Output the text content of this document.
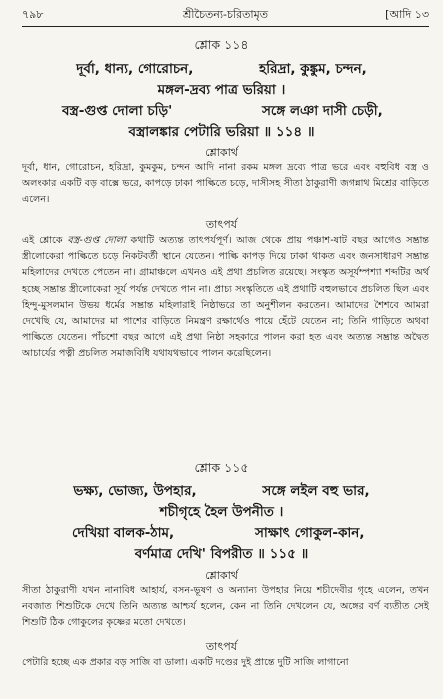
৭৯৮	শ্রীচৈতন্য-চরিতামৃত	[আদি ১৩
শ্লোক ১১৪
দূর্বা, ধান্য, গোরোচন,              হরিদ্রা, কুঙ্কুম, চন্দন,
মঙ্গল-দ্রব্য পাত্র ভরিয়া ।
বস্ত্র-গুপ্ত দোলা চড়ি'	সঙ্গে লঞা দাসী চেড়ী,
বস্ত্রালঙ্কার পেটারি ভরিয়া ॥ ১১৪ ॥
শ্লোকার্থ
দূর্বা, ধান, গোরোচন, হরিদ্রা, কুমকুম, চন্দন আদি নানা রকম মঙ্গল দ্রব্যে পাত্র ভরে এবং বহুবিধ বস্ত্র ও অলংকার একটি বড় বাক্সে ভরে, কাপড়ে ঢাকা পাল্কিতে চড়ে, দাসীসহ সীতা ঠাকুরাণী জগন্নাথ মিশ্রের বাড়িতে এলেন।
তাৎপর্য
এই শ্লোকে বস্ত্র-গুপ্ত দোলা কথাটি অত্যন্ত তাৎপর্যপূর্ণ। আজ থেকে প্রায় পঞ্চাশ-ষাট বছর আগেও সম্ভ্রান্ত স্ত্রীলোকেরা পাল্কিতে চড়ে নিকটবর্তী স্থানে যেতেন। পাল্কি কাপড় দিয়ে ঢাকা থাকত এবং জনসাধারণ সম্ভ্রান্ত মহিলাদের দেখতে পেতেন না। গ্রামাঞ্চলে এখনও এই প্রথা প্রচলিত রয়েছে। সংস্কৃত অসূর্যম্পশ্যা শব্দটির অর্থ হচ্ছে সম্ভ্রান্ত স্ত্রীলোকেরা সূর্য পর্যন্ত দেখতে পান না। প্রাচ্য সংস্কৃতিতে এই প্রথাটি বহুলভাবে প্রচলিত ছিল এবং হিন্দু-মুসলমান উভয় ধর্মের সম্ভ্রান্ত মহিলারাই নিষ্ঠাভরে তা অনুশীলন করতেন। আমাদের শৈশবে আমরা দেখেছি যে, আমাদের মা পাশের বাড়িতে নিমন্ত্রণ রক্ষার্থেও পায়ে হেঁটে যেতেন না; তিনি গাড়িতে অথবা পাল্কিতে যেতেন। পাঁচশো বছর আগে এই প্রথা নিষ্ঠা সহকারে পালন করা হত এবং অত্যন্ত সম্ভ্রান্ত অদ্বৈত আচার্যের পত্নী প্রচলিত সমাজবিধি যথাযথভাবে পালন করেছিলেন।
শ্লোক ১১৫
ভক্ষ্য, ভোজ্য, উপহার,              সঙ্গে লইল বহু ভার,
শচীগৃহে হৈল উপনীত ।
দেখিয়া বালক-ঠাম,	সাক্ষাৎ গোকুল-কান,
বর্ণমাত্র দেখি' বিপরীত ॥ ১১৫ ॥
শ্লোকার্থ
সীতা ঠাকুরাণী যখন নানাবিধ আহার্য, বসন-ভূষণ ও অন্যান্য উপহার নিয়ে শচীদেবীর গৃহে এলেন, তখন নবজাত শিশুটিকে দেখে তিনি অত্যন্ত আশ্চর্য হলেন, কেন না তিনি দেখলেন যে, অঙ্গের বর্ণ ব্যতীত সেই শিশুটি ঠিক গোকুলের কৃষ্ণের মতো দেখতে।
তাৎপর্য
পেটারি হচ্ছে এক প্রকার বড় সাজি বা ডালা। একটি দণ্ডের দুই প্রান্তে দুটি সাজি লাগানো
